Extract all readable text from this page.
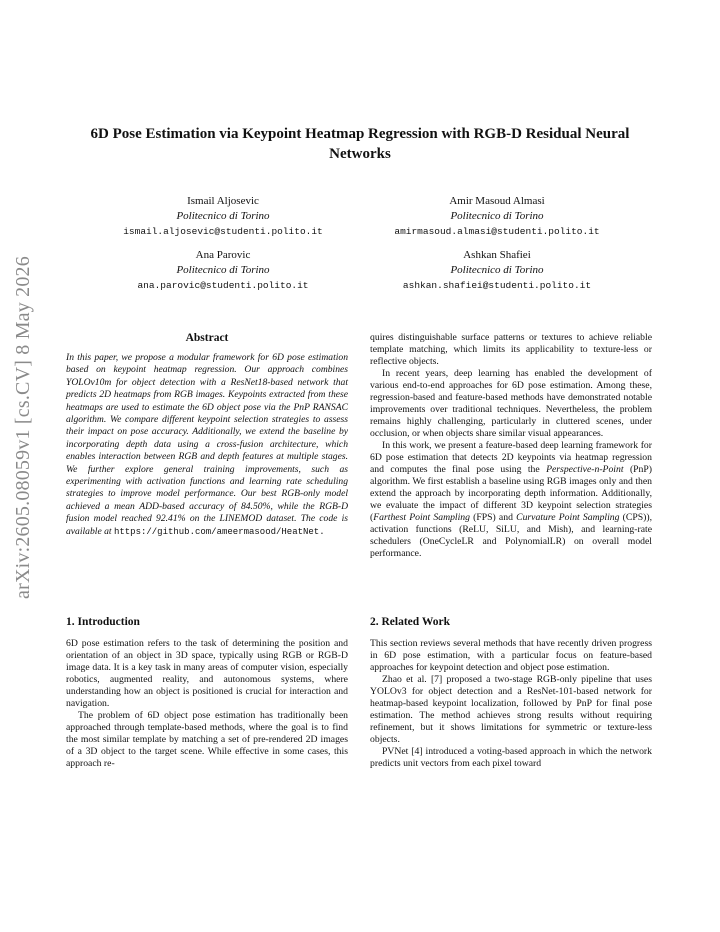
arXiv:2605.08059v1 [cs.CV] 8 May 2026
6D Pose Estimation via Keypoint Heatmap Regression with RGB-D Residual Neural Networks
Ismail Aljosevic
Politecnico di Torino
ismail.aljosevic@studenti.polito.it
Amir Masoud Almasi
Politecnico di Torino
amirmasoud.almasi@studenti.polito.it
Ana Parovic
Politecnico di Torino
ana.parovic@studenti.polito.it
Ashkan Shafiei
Politecnico di Torino
ashkan.shafiei@studenti.polito.it
Abstract

In this paper, we propose a modular framework for 6D pose estimation based on keypoint heatmap regression. Our approach combines YOLOv10m for object detection with a ResNet18-based network that predicts 2D heatmaps from RGB images. Keypoints extracted from these heatmaps are used to estimate the 6D object pose via the PnP RANSAC algorithm. We compare different keypoint selection strategies to assess their impact on pose accuracy. Additionally, we extend the baseline by incorporating depth data using a cross-fusion architecture, which enables interaction between RGB and depth features at multiple stages. We further explore general training improvements, such as experimenting with activation functions and learning rate scheduling strategies to improve model performance. Our best RGB-only model achieved a mean ADD-based accuracy of 84.50%, while the RGB-D fusion model reached 92.41% on the LINEMOD dataset. The code is available at https://github.com/ameermasood/HeatNet.

1. Introduction

6D pose estimation refers to the task of determining the position and orientation of an object in 3D space, typically using RGB or RGB-D image data. It is a key task in many areas of computer vision, especially robotics, augmented reality, and autonomous systems, where understanding how an object is positioned is crucial for interaction and navigation.

The problem of 6D object pose estimation has traditionally been approached through template-based methods, where the goal is to find the most similar template by matching a set of pre-rendered 2D images of a 3D object to the target scene. While effective in some cases, this approach re-

quires distinguishable surface patterns or textures to achieve reliable template matching, which limits its applicability to texture-less or reflective objects.

In recent years, deep learning has enabled the development of various end-to-end approaches for 6D pose estimation. Among these, regression-based and feature-based methods have demonstrated notable improvements over traditional techniques. Nevertheless, the problem remains highly challenging, particularly in cluttered scenes, under occlusion, or when objects share similar visual appearances.

In this work, we present a feature-based deep learning framework for 6D pose estimation that detects 2D keypoints via heatmap regression and computes the final pose using the Perspective-n-Point (PnP) algorithm. We first establish a baseline using RGB images only and then extend the approach by incorporating depth information. Additionally, we evaluate the impact of different 3D keypoint selection strategies (Farthest Point Sampling (FPS) and Curvature Point Sampling (CPS)), activation functions (ReLU, SiLU, and Mish), and learning-rate schedulers (OneCycleLR and PolynomialLR) on overall model performance.

2. Related Work

This section reviews several methods that have recently driven progress in 6D pose estimation, with a particular focus on feature-based approaches for keypoint detection and object pose estimation.

Zhao et al. [7] proposed a two-stage RGB-only pipeline that uses YOLOv3 for object detection and a ResNet-101-based network for heatmap-based keypoint localization, followed by PnP for final pose estimation. The method achieves strong results without requiring refinement, but it shows limitations for symmetric or texture-less objects.

PVNet [4] introduced a voting-based approach in which the network predicts unit vectors from each pixel toward
